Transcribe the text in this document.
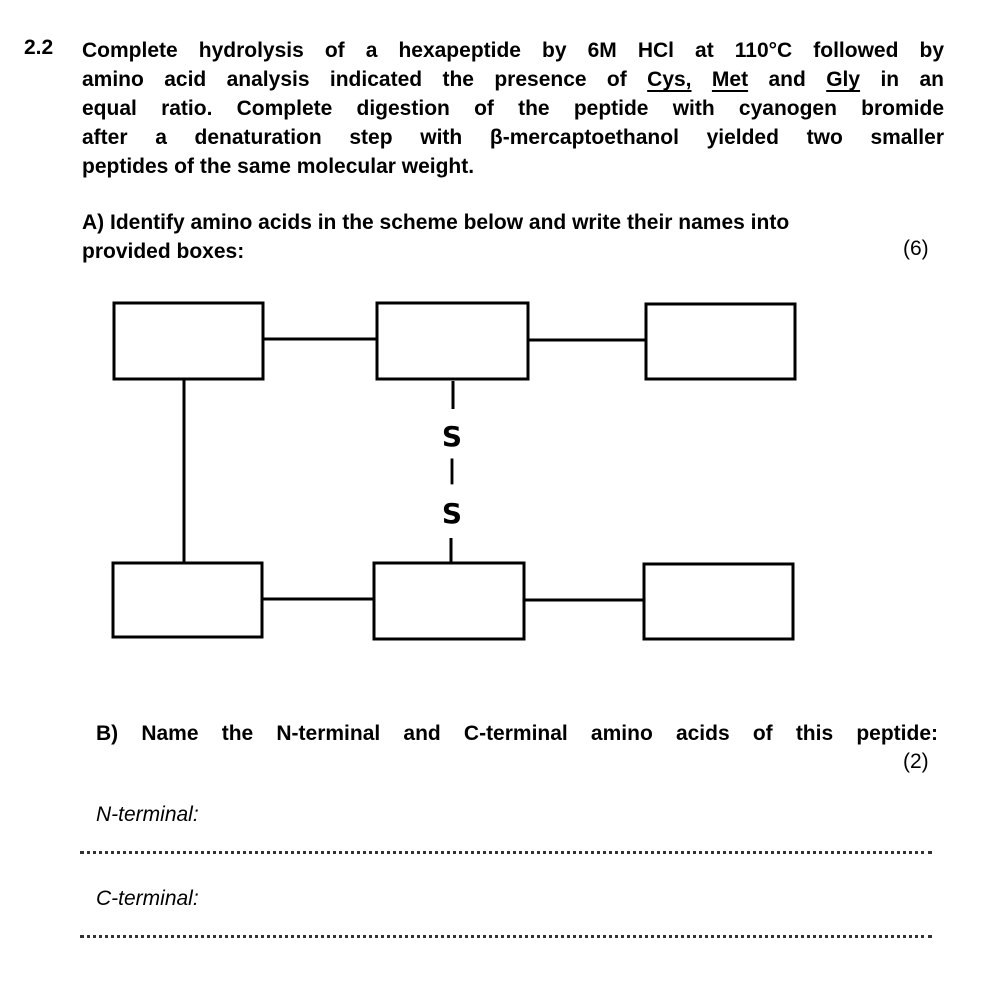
2.2 Complete hydrolysis of a hexapeptide by 6M HCl at 110°C followed by
amino acid analysis indicated the presence of Cys, Met and Gly in an
equal ratio. Complete digestion of the peptide with cyanogen bromide
after a denaturation step with β-mercaptoethanol yielded two smaller
peptides of the same molecular weight.
A) Identify amino acids in the scheme below and write their names into
provided boxes:	(6)
S
|
S
B) Name the N-terminal and C-terminal amino acids of this peptide:
(2)
N-terminal:
C-terminal:
